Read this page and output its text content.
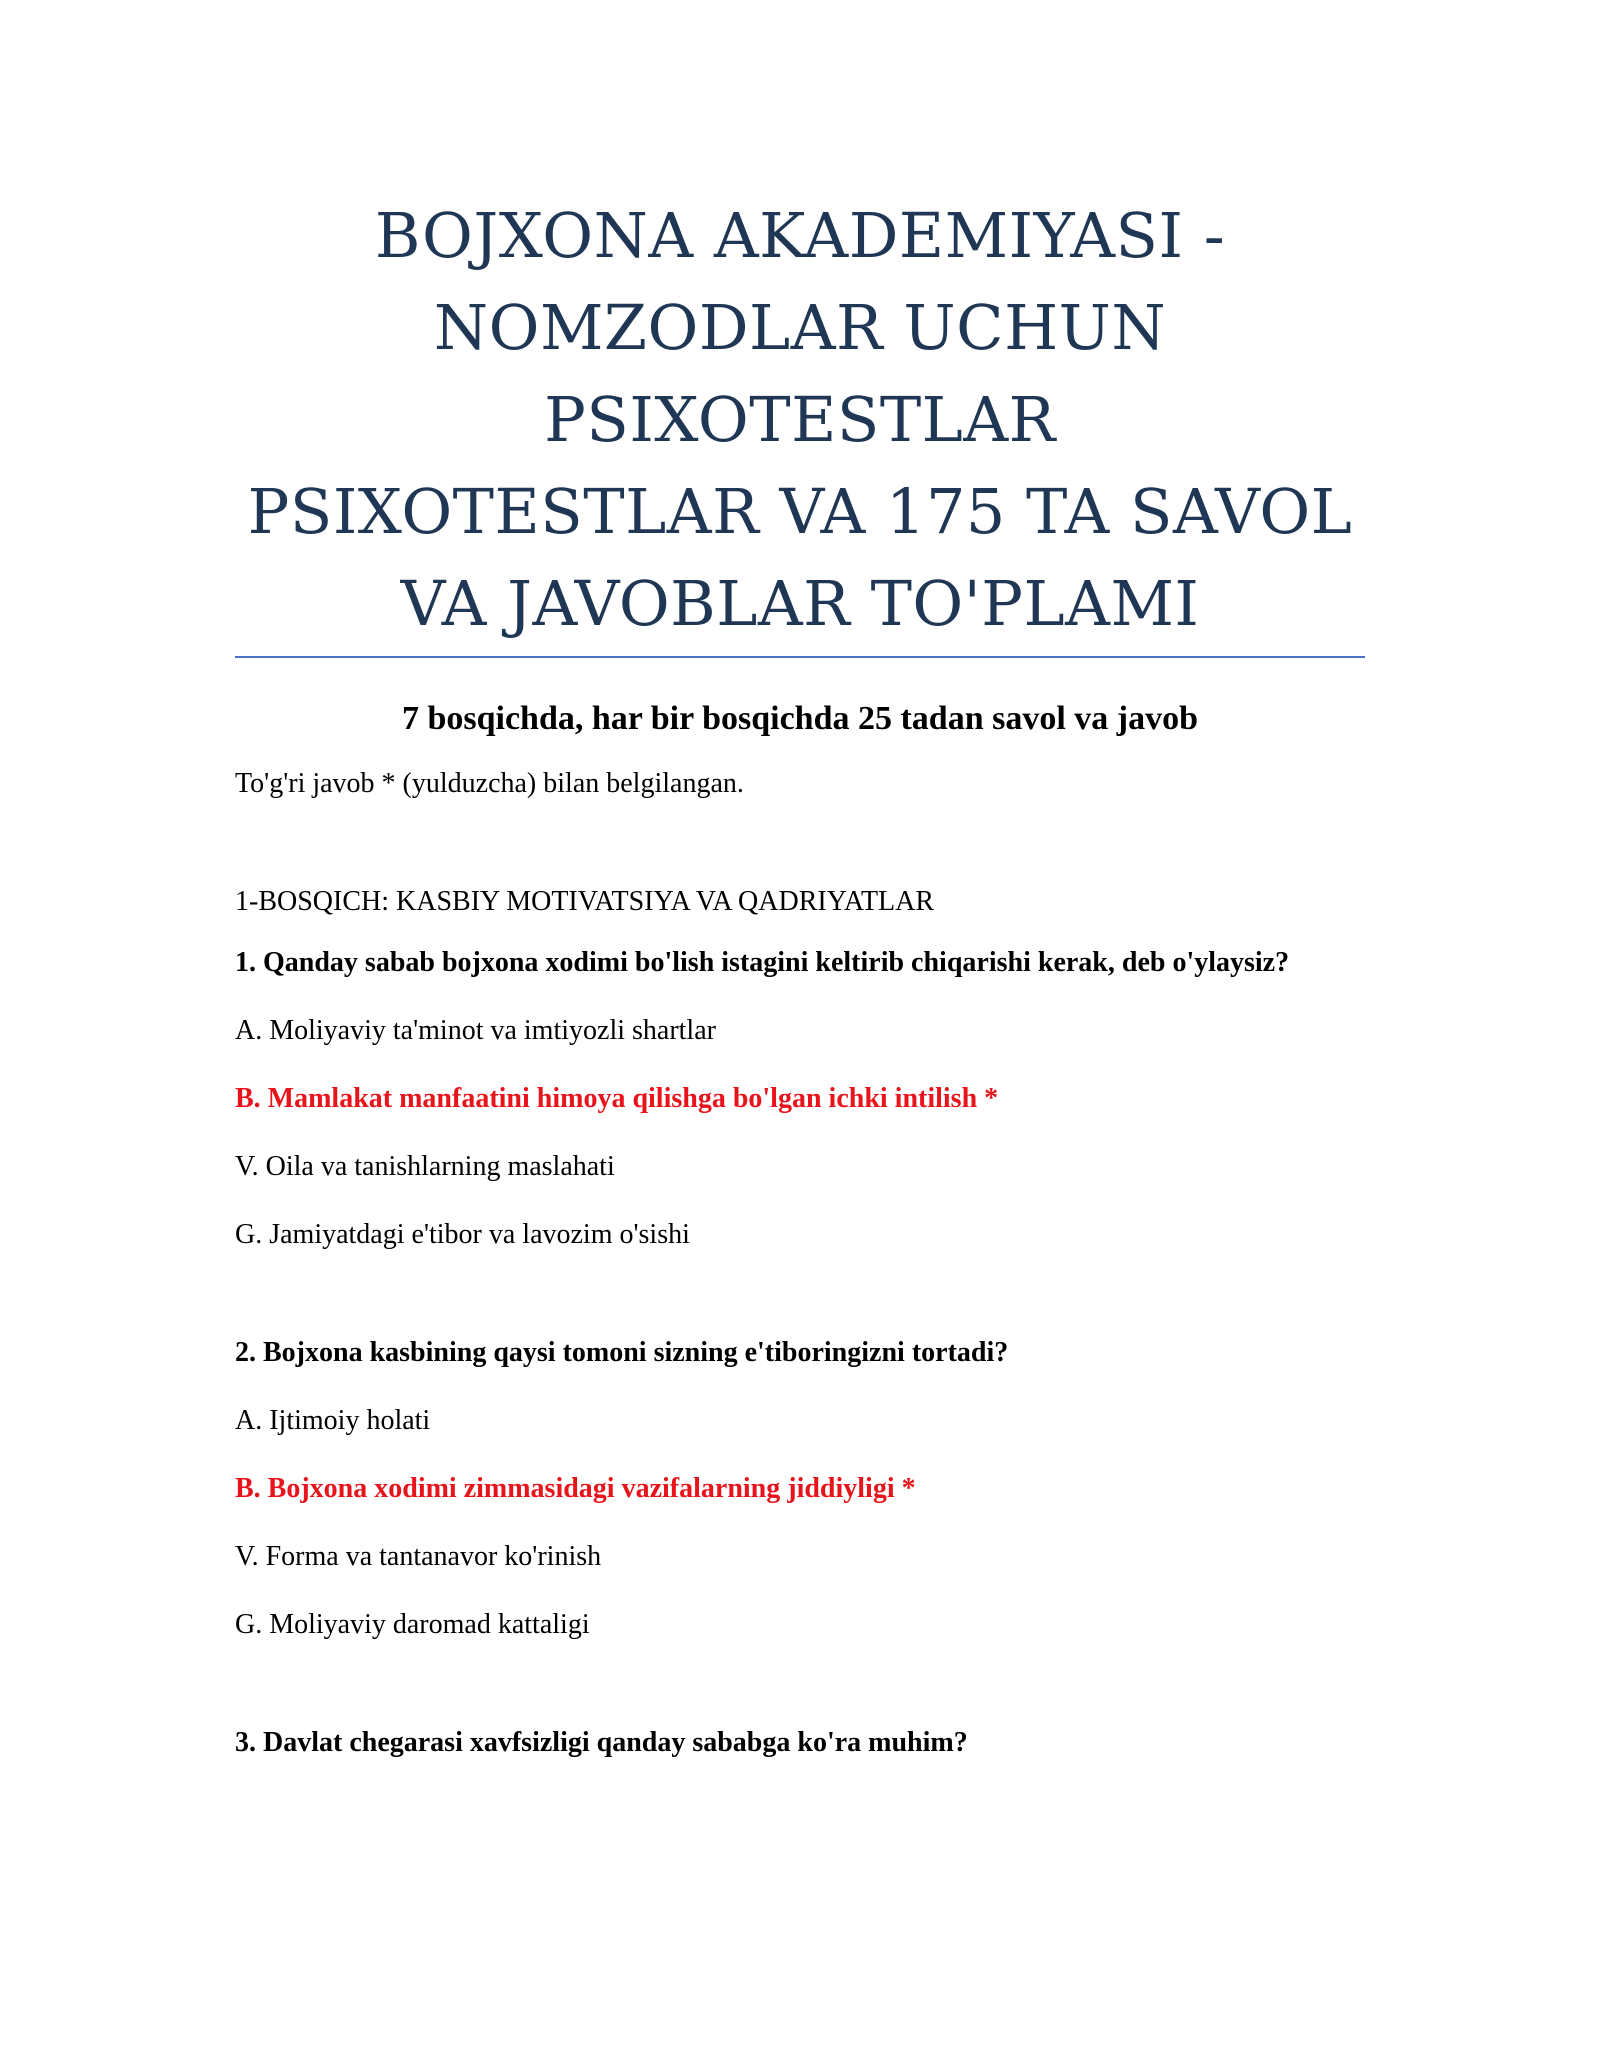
BOJXONA AKADEMIYASI -
NOMZODLAR UCHUN
PSIXOTESTLAR
PSIXOTESTLAR VA 175 TA SAVOL
VA JAVOBLAR TO'PLAMI
7 bosqichda, har bir bosqichda 25 tadan savol va javob
To'g'ri javob * (yulduzcha) bilan belgilangan.
1-BOSQICH: KASBIY MOTIVATSIYA VA QADRIYATLAR
1. Qanday sabab bojxona xodimi bo'lish istagini keltirib chiqarishi kerak, deb o'ylaysiz?
A. Moliyaviy ta'minot va imtiyozli shartlar
B. Mamlakat manfaatini himoya qilishga bo'lgan ichki intilish *
V. Oila va tanishlarning maslahati
G. Jamiyatdagi e'tibor va lavozim o'sishi
2. Bojxona kasbining qaysi tomoni sizning e'tiboringizni tortadi?
A. Ijtimoiy holati
B. Bojxona xodimi zimmasidagi vazifalarning jiddiyligi *
V. Forma va tantanavor ko'rinish
G. Moliyaviy daromad kattaligi
3. Davlat chegarasi xavfsizligi qanday sababga ko'ra muhim?
